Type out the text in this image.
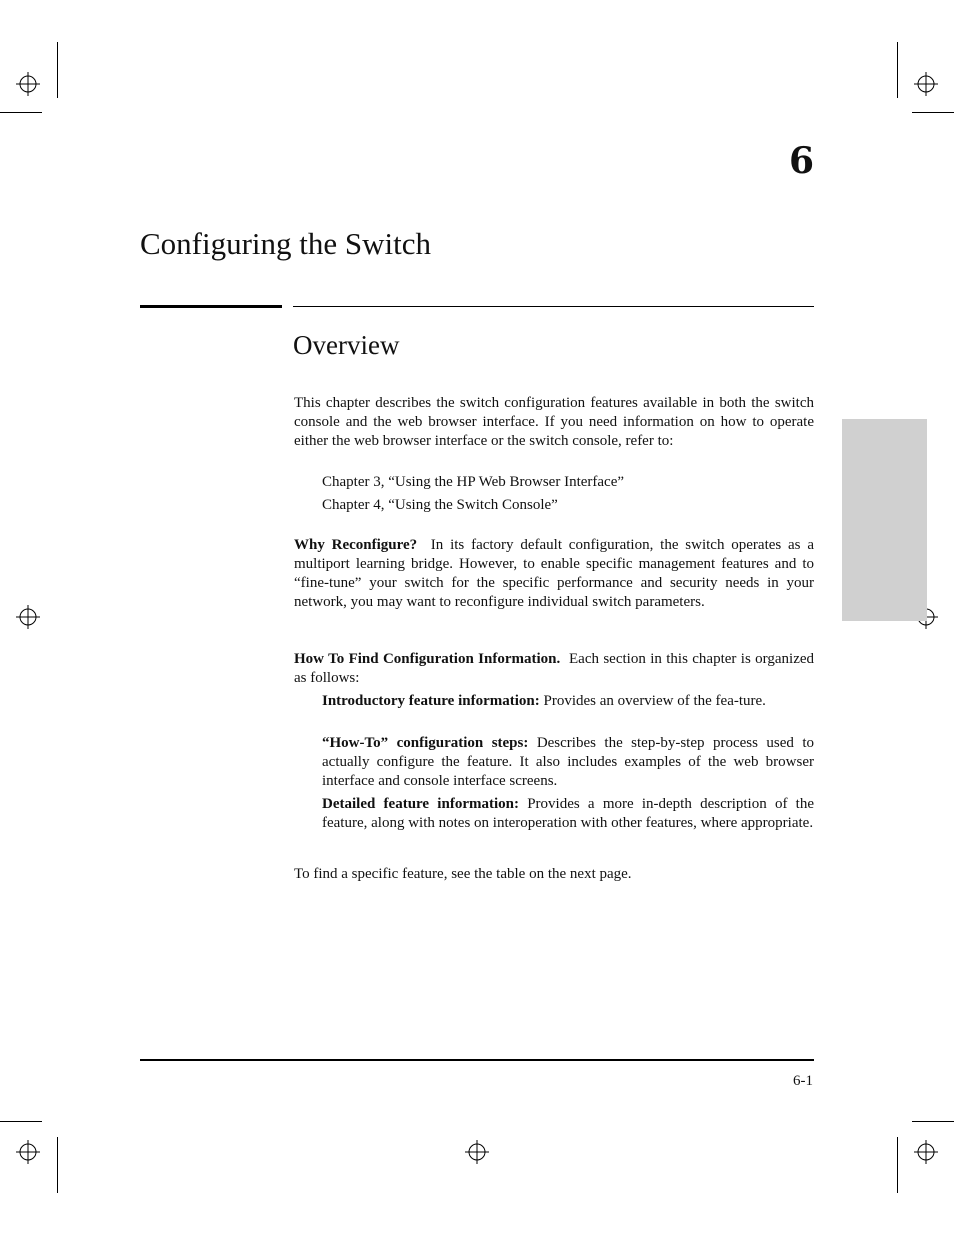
6
Configuring the Switch
Overview

This chapter describes the switch configuration features available in both the switch console and the web browser interface. If you need information on how to operate either the web browser interface or the switch console, refer to:

Chapter 3, “Using the HP Web Browser Interface”

Chapter 4, “Using the Switch Console”

Why Reconfigure? In its factory default configuration, the switch operates as a multiport learning bridge. However, to enable specific management features and to “fine-tune” your switch for the specific performance and security needs in your network, you may want to reconfigure individual switch parameters.

How To Find Configuration Information. Each section in this chapter is organized as follows:

Introductory feature information: Provides an overview of the fea-ture.

“How-To” configuration steps: Describes the step-by-step process used to actually configure the feature. It also includes examples of the web browser interface and console interface screens.

Detailed feature information: Provides a more in-depth description of the feature, along with notes on interoperation with other features, where appropriate.

To find a specific feature, see the table on the next page.

6-1
